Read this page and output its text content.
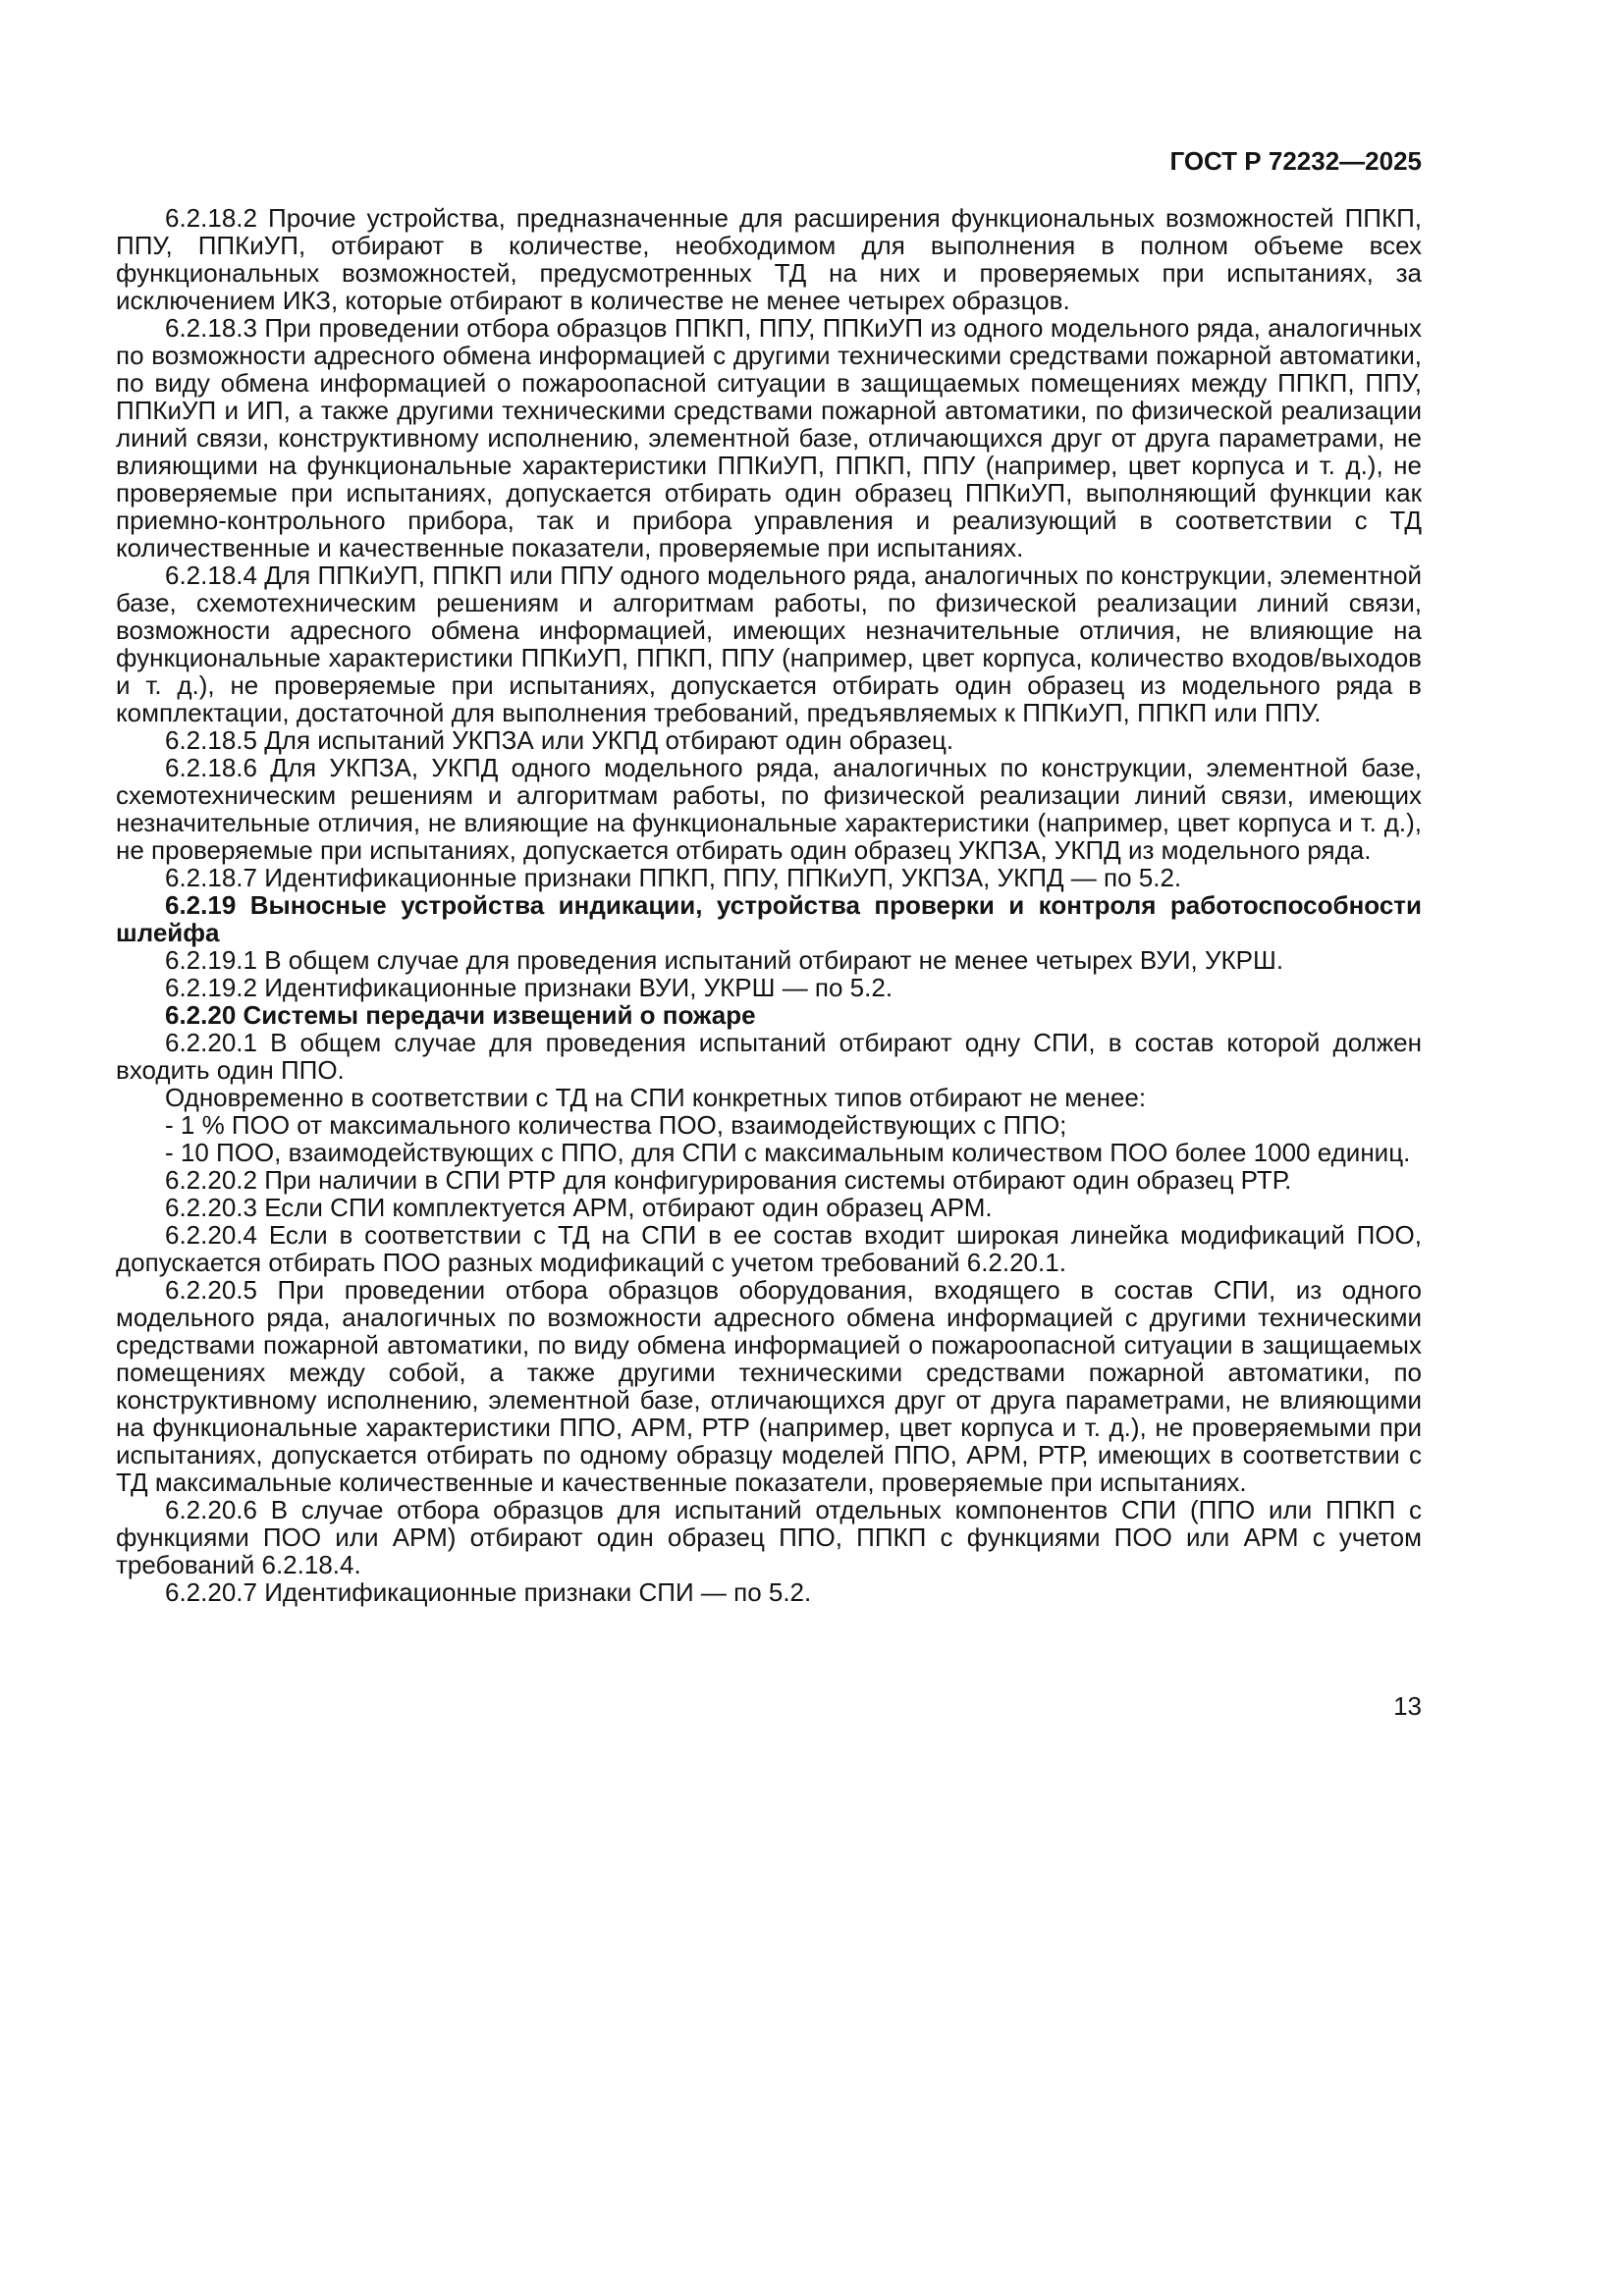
ГОСТ Р 72232—2025

6.2.18.2 Прочие устройства, предназначенные для расширения функциональных возможностей ППКП, ППУ, ППКиУП, отбирают в количестве, необходимом для выполнения в полном объеме всех функциональных возможностей, предусмотренных ТД на них и проверяемых при испытаниях, за исключением ИКЗ, которые отбирают в количестве не менее четырех образцов.

6.2.18.3 При проведении отбора образцов ППКП, ППУ, ППКиУП из одного модельного ряда, аналогичных по возможности адресного обмена информацией с другими техническими средствами пожарной автоматики, по виду обмена информацией о пожароопасной ситуации в защищаемых помещениях между ППКП, ППУ, ППКиУП и ИП, а также другими техническими средствами пожарной автоматики, по физической реализации линий связи, конструктивному исполнению, элементной базе, отличающихся друг от друга параметрами, не влияющими на функциональные характеристики ППКиУП, ППКП, ППУ (например, цвет корпуса и т. д.), не проверяемые при испытаниях, допускается отбирать один образец ППКиУП, выполняющий функции как приемно-контрольного прибора, так и прибора управления и реализующий в соответствии с ТД количественные и качественные показатели, проверяемые при испытаниях.

6.2.18.4 Для ППКиУП, ППКП или ППУ одного модельного ряда, аналогичных по конструкции, элементной базе, схемотехническим решениям и алгоритмам работы, по физической реализации линий связи, возможности адресного обмена информацией, имеющих незначительные отличия, не влияющие на функциональные характеристики ППКиУП, ППКП, ППУ (например, цвет корпуса, количество входов/выходов и т. д.), не проверяемые при испытаниях, допускается отбирать один образец из модельного ряда в комплектации, достаточной для выполнения требований, предъявляемых к ППКиУП, ППКП или ППУ.

6.2.18.5 Для испытаний УКПЗА или УКПД отбирают один образец.

6.2.18.6 Для УКПЗА, УКПД одного модельного ряда, аналогичных по конструкции, элементной базе, схемотехническим решениям и алгоритмам работы, по физической реализации линий связи, имеющих незначительные отличия, не влияющие на функциональные характеристики (например, цвет корпуса и т. д.), не проверяемые при испытаниях, допускается отбирать один образец УКПЗА, УКПД из модельного ряда.

6.2.18.7 Идентификационные признаки ППКП, ППУ, ППКиУП, УКПЗА, УКПД — по 5.2.

6.2.19 Выносные устройства индикации, устройства проверки и контроля работоспособности шлейфа

6.2.19.1 В общем случае для проведения испытаний отбирают не менее четырех ВУИ, УКРШ.

6.2.19.2 Идентификационные признаки ВУИ, УКРШ — по 5.2.

6.2.20 Системы передачи извещений о пожаре

6.2.20.1 В общем случае для проведения испытаний отбирают одну СПИ, в состав которой должен входить один ППО.

Одновременно в соответствии с ТД на СПИ конкретных типов отбирают не менее:

- 1 % ПОО от максимального количества ПОО, взаимодействующих с ППО;

- 10 ПОО, взаимодействующих с ППО, для СПИ с максимальным количеством ПОО более 1000 единиц.

6.2.20.2 При наличии в СПИ РТР для конфигурирования системы отбирают один образец РТР.

6.2.20.3 Если СПИ комплектуется АРМ, отбирают один образец АРМ.

6.2.20.4 Если в соответствии с ТД на СПИ в ее состав входит широкая линейка модификаций ПОО, допускается отбирать ПОО разных модификаций с учетом требований 6.2.20.1.

6.2.20.5 При проведении отбора образцов оборудования, входящего в состав СПИ, из одного модельного ряда, аналогичных по возможности адресного обмена информацией с другими техническими средствами пожарной автоматики, по виду обмена информацией о пожароопасной ситуации в защищаемых помещениях между собой, а также другими техническими средствами пожарной автоматики, по конструктивному исполнению, элементной базе, отличающихся друг от друга параметрами, не влияющими на функциональные характеристики ППО, АРМ, РТР (например, цвет корпуса и т. д.), не проверяемыми при испытаниях, допускается отбирать по одному образцу моделей ППО, АРМ, РТР, имеющих в соответствии с ТД максимальные количественные и качественные показатели, проверяемые при испытаниях.

6.2.20.6 В случае отбора образцов для испытаний отдельных компонентов СПИ (ППО или ППКП с функциями ПОО или АРМ) отбирают один образец ППО, ППКП с функциями ПОО или АРМ с учетом требований 6.2.18.4.

6.2.20.7 Идентификационные признаки СПИ — по 5.2.

13
